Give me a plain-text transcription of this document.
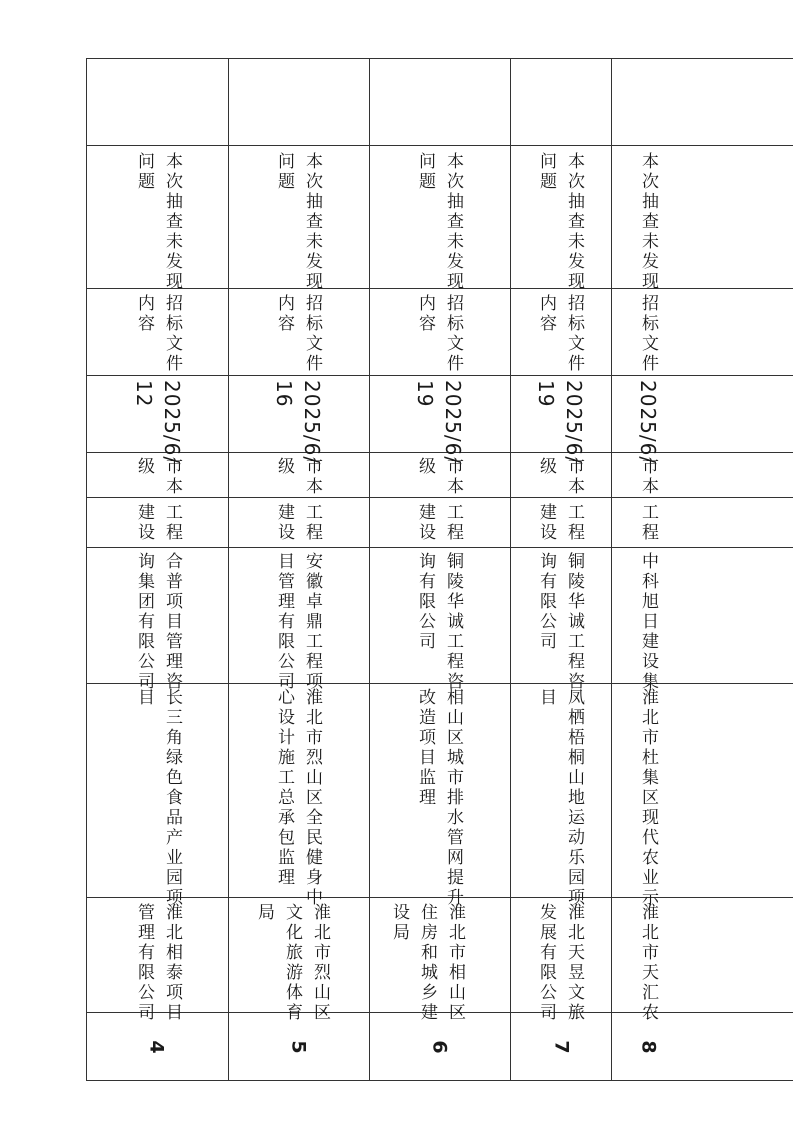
本次抽查未发现
问题
招标文件
内容
2025/6/
12
市本
级
工程
建设
合普项目管理咨
询集团有限公司
长三角绿色食品产业园项
目
淮北相泰项目
管理有限公司
4
本次抽查未发现
问题
招标文件
内容
2025/6/
16
市本
级
工程
建设
安徽卓鼎工程项
目管理有限公司
淮北市烈山区全民健身中
心设计施工总承包监理
淮北市烈山区
文化旅游体育
局
5
本次抽查未发现
问题
招标文件
内容
2025/6/
19
市本
级
工程
建设
铜陵华诚工程咨
询有限公司
相山区城市排水管网提升
改造项目监理
淮北市相山区
住房和城乡建
设局
6
本次抽查未发现
问题
招标文件
内容
2025/6/
19
市本
级
工程
建设
铜陵华诚工程咨
询有限公司
凤栖梧桐山地运动乐园项
目
淮北天昱文旅
发展有限公司
7
本次抽查未发现
招标文件
2025/6/
市本
工程
中科旭日建设集
淮北市杜集区现代农业示
淮北市天汇农
8
